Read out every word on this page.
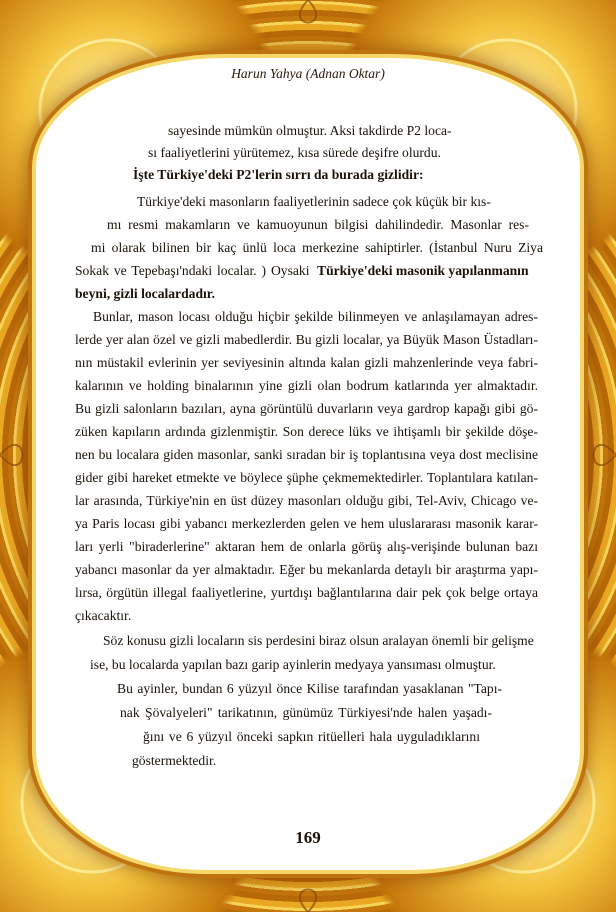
Harun Yahya (Adnan Oktar)
sayesinde mümkün olmuştur. Aksi takdirde P2 loca-
sı faaliyetlerini yürütemez, kısa sürede deşifre olurdu.
İşte Türkiye'deki P2'lerin sırrı da burada gizlidir:
Türkiye'deki masonların faaliyetlerinin sadece çok küçük bir kıs-
mı resmi makamların ve kamuoyunun bilgisi dahilindedir. Masonlar res-
mi olarak bilinen bir kaç ünlü loca merkezine sahiptirler. (İstanbul Nuru Ziya
Sokak ve Tepebaşı'ndaki localar. ) Oysaki Türkiye'deki masonik yapılanmanın
beyni, gizli localardadır.
Bunlar, mason locası olduğu hiçbir şekilde bilinmeyen ve anlaşılamayan adres-
lerde yer alan özel ve gizli mabedlerdir. Bu gizli localar, ya Büyük Mason Üstadları-
nın müstakil evlerinin yer seviyesinin altında kalan gizli mahzenlerinde veya fabri-
kalarının ve holding binalarının yine gizli olan bodrum katlarında yer almaktadır.
Bu gizli salonların bazıları, ayna görüntülü duvarların veya gardrop kapağı gibi gö-
züken kapıların ardında gizlenmiştir. Son derece lüks ve ihtişamlı bir şekilde döşe-
nen bu localara giden masonlar, sanki sıradan bir iş toplantısına veya dost meclisine
gider gibi hareket etmekte ve böylece şüphe çekmemektedirler. Toplantılara katılan-
lar arasında, Türkiye'nin en üst düzey masonları olduğu gibi, Tel-Aviv, Chicago ve-
ya Paris locası gibi yabancı merkezlerden gelen ve hem uluslararası masonik karar-
ları yerli "biraderlerine" aktaran hem de onlarla görüş alış-verişinde bulunan bazı
yabancı masonlar da yer almaktadır. Eğer bu mekanlarda detaylı bir araştırma yapı-
lırsa, örgütün illegal faaliyetlerine, yurtdışı bağlantılarına dair pek çok belge ortaya
çıkacaktır.
Söz konusu gizli locaların sis perdesini biraz olsun aralayan önemli bir gelişme
ise, bu localarda yapılan bazı garip ayinlerin medyaya yansıması olmuştur.
Bu ayinler, bundan 6 yüzyıl önce Kilise tarafından yasaklanan "Tapı-
nak Şövalyeleri" tarikatının, günümüz Türkiyesi'nde halen yaşadı-
ğını ve 6 yüzyıl önceki sapkın ritüelleri hala uyguladıklarını
göstermektedir.
169
